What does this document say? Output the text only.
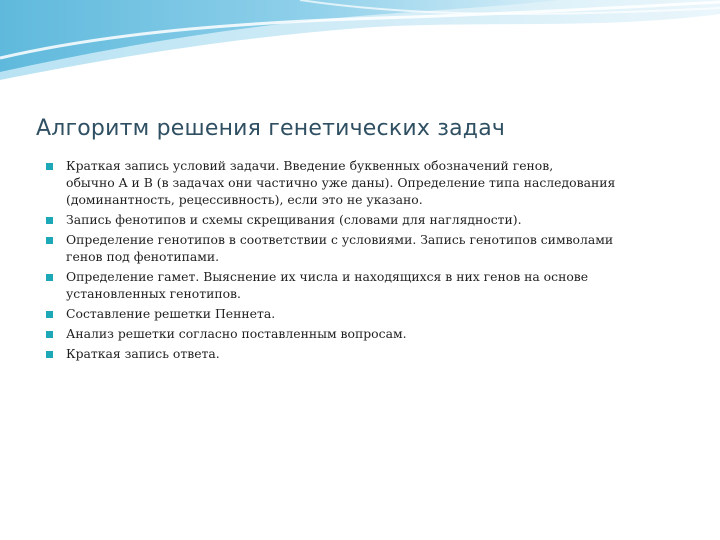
Алгоритм решения генетических задач
Краткая запись условий задачи. Введение буквенных обозначений генов,
обычно A и B (в задачах они частично уже даны). Определение типа наследования
(доминантность, рецессивность), если это не указано.
Запись фенотипов и схемы скрещивания (словами для наглядности).
Определение генотипов в соответствии с условиями. Запись генотипов символами
генов под фенотипами.
Определение гамет. Выяснение их числа и находящихся в них генов на основе
установленных генотипов.
Составление решетки Пеннета.
Анализ решетки согласно поставленным вопросам.
Краткая запись ответа.
